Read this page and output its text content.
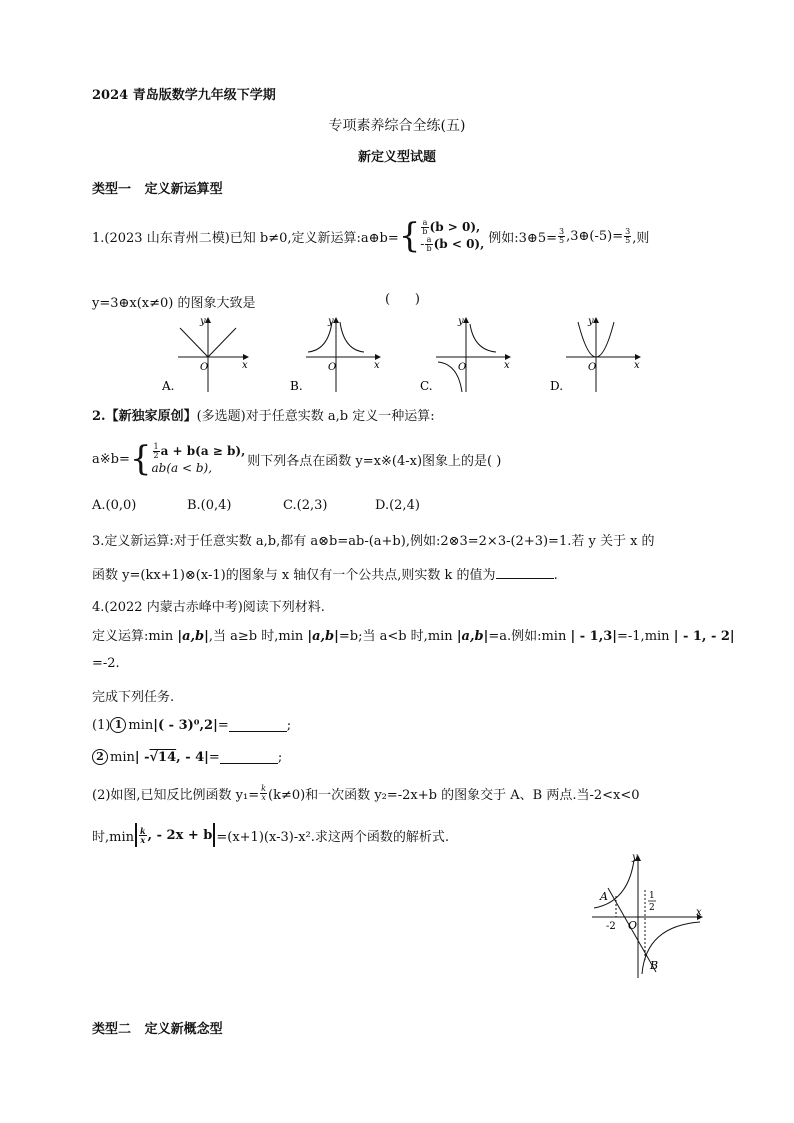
2024 青岛版数学九年级下学期
专项素养综合全练(五)
新定义型试题
类型一   定义新运算型
1.(2023 山东青州二模)已知 b≠0,定义新运算:a⊕b= { $\frac{a}{b} (b > 0)$,
- $\frac{a}{b} (b < 0)$, 例如:3⊕5= $\frac{3}{5}$ ,3⊕(-5)= $\frac{3}{5}$ ,则
y=3⊕x(x≠0) 的图象大致是	(      )
O	x
y
A.
O	x
y
B.
O	x
y
C.
O	x
y
D.
2.【新独家原创】(多选题)对于任意实数 a,b 定义一种运算:
a※b= { $\frac{1}{2}$ a + b(a ≥ b),
ab(a < b),	则下列各点在函数 y=x※(4-x)图象上的是( )
A.(0,0)	B.(0,4)	C.(2,3)	D.(2,4)
3.定义新运算:对于任意实数 a,b,都有 a⊗b=ab-(a+b),例如:2⊗3=2×3-(2+3)=1.若 y 关于 x 的
函数 y=(kx+1)⊗(x-1)的图象与 x 轴仅有一个公共点,则实数 k 的值为	.
4.(2022 内蒙古赤峰中考)阅读下列材料.
定义运算:min |a,b|,当 a≥b 时,min |a,b|=b;当 a<b 时,min |a,b|=a.例如:min | - 1,3|=-1,min | - 1, - 2|
=-2.
完成下列任务.
(1) 1 min |( - 3)⁰,2| =	;
2 min | - √14 , - 4| =	;
(2)如图,已知反比例函数 $y_1= \frac{k}{x} (k\ne 0)$和一次函数 y₂=-2x+b 的图象交于 A、B 两点.当-2<x<0
时$,\min \frac{k}{x}$ , - 2x + b =(x+1)(x-3)-x².求这两个函数的解析式.
A
B
O
-2
1
2	x
y
类型二   定义新概念型
